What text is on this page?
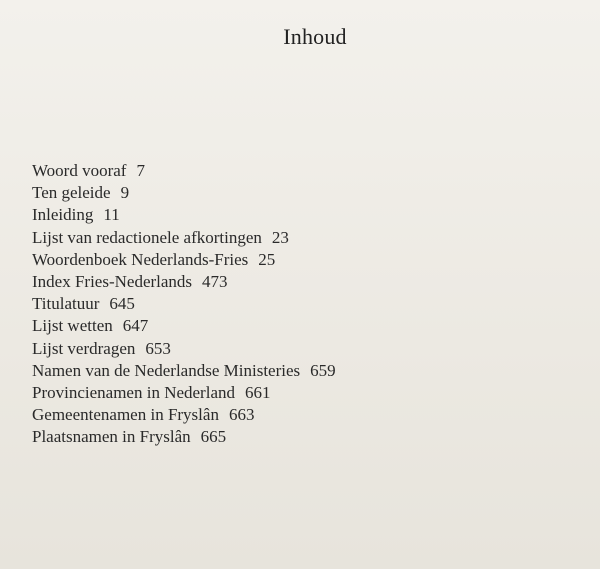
Inhoud
Woord vooraf 7
Ten geleide 9
Inleiding 11
Lijst van redactionele afkortingen 23
Woordenboek Nederlands-Fries 25
Index Fries-Nederlands 473
Titulatuur 645
Lijst wetten 647
Lijst verdragen 653
Namen van de Nederlandse Ministeries 659
Provincienamen in Nederland 661
Gemeentenamen in Fryslân 663
Plaatsnamen in Fryslân 665
